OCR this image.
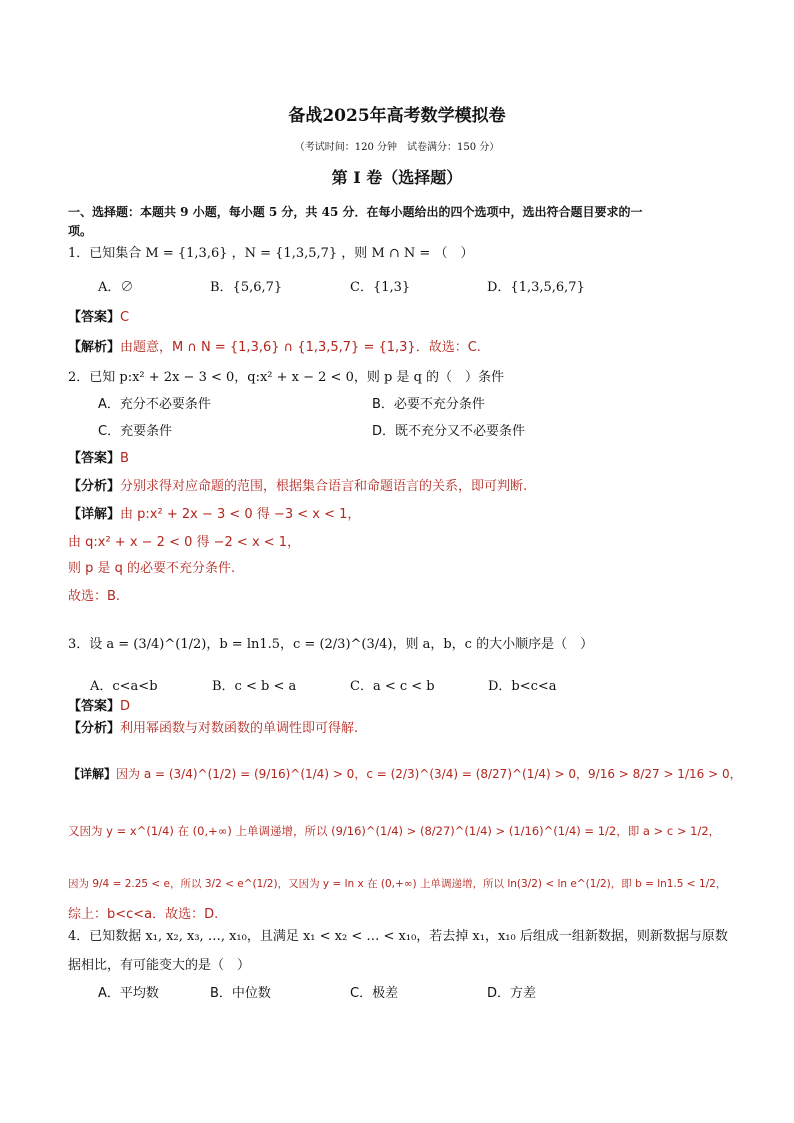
备战2025年高考数学模拟卷
（考试时间：120 分钟　试卷满分：150 分）
第 I 卷（选择题）
一、选择题：本题共 9 小题，每小题 5 分，共 45 分．在每小题给出的四个选项中，选出符合题目要求的一
项。
1．已知集合 M = {1,3,6} ，N = {1,3,5,7} ，则 M ∩ N = （　）
A．∅	B．{5,6,7}	C．{1,3}	D．{1,3,5,6,7}
【答案】C
【解析】由题意，M ∩ N = {1,3,6} ∩ {1,3,5,7} = {1,3}．故选：C.
2．已知 p:x² + 2x − 3 < 0，q:x² + x − 2 < 0，则 p 是 q 的（　）条件
A．充分不必要条件	B．必要不充分条件
C．充要条件	D．既不充分又不必要条件
【答案】B
【分析】分别求得对应命题的范围，根据集合语言和命题语言的关系，即可判断.
【详解】由 p:x² + 2x − 3 < 0 得 −3 < x < 1，
由 q:x² + x − 2 < 0 得 −2 < x < 1，
则 p 是 q 的必要不充分条件.
故选：B.
3．设 a = (3/4)^(1/2)，b = ln1.5，c = (2/3)^(3/4)，则 a，b，c 的大小顺序是（　）
A．c<a<b	B．c < b < a	C．a < c < b	D．b<c<a
【答案】D
【分析】利用幂函数与对数函数的单调性即可得解.
【详解】因为 a = (3/4)^(1/2) = (9/16)^(1/4) > 0，c = (2/3)^(3/4) = (8/27)^(1/4) > 0，9/16 > 8/27 > 1/16 > 0，
又因为 y = x^(1/4) 在 (0,+∞) 上单调递增，所以 (9/16)^(1/4) > (8/27)^(1/4) > (1/16)^(1/4) = 1/2，即 a > c > 1/2，
因为 9/4 = 2.25 < e，所以 3/2 < e^(1/2)，又因为 y = ln x 在 (0,+∞) 上单调递增，所以 ln(3/2) < ln e^(1/2)，即 b = ln1.5 < 1/2，
综上：b<c<a．故选：D.
4．已知数据 x₁, x₂, x₃, …, x₁₀，且满足 x₁ < x₂ < … < x₁₀，若去掉 x₁，x₁₀ 后组成一组新数据，则新数据与原数
据相比，有可能变大的是（　）
A．平均数	B．中位数	C．极差	D．方差
